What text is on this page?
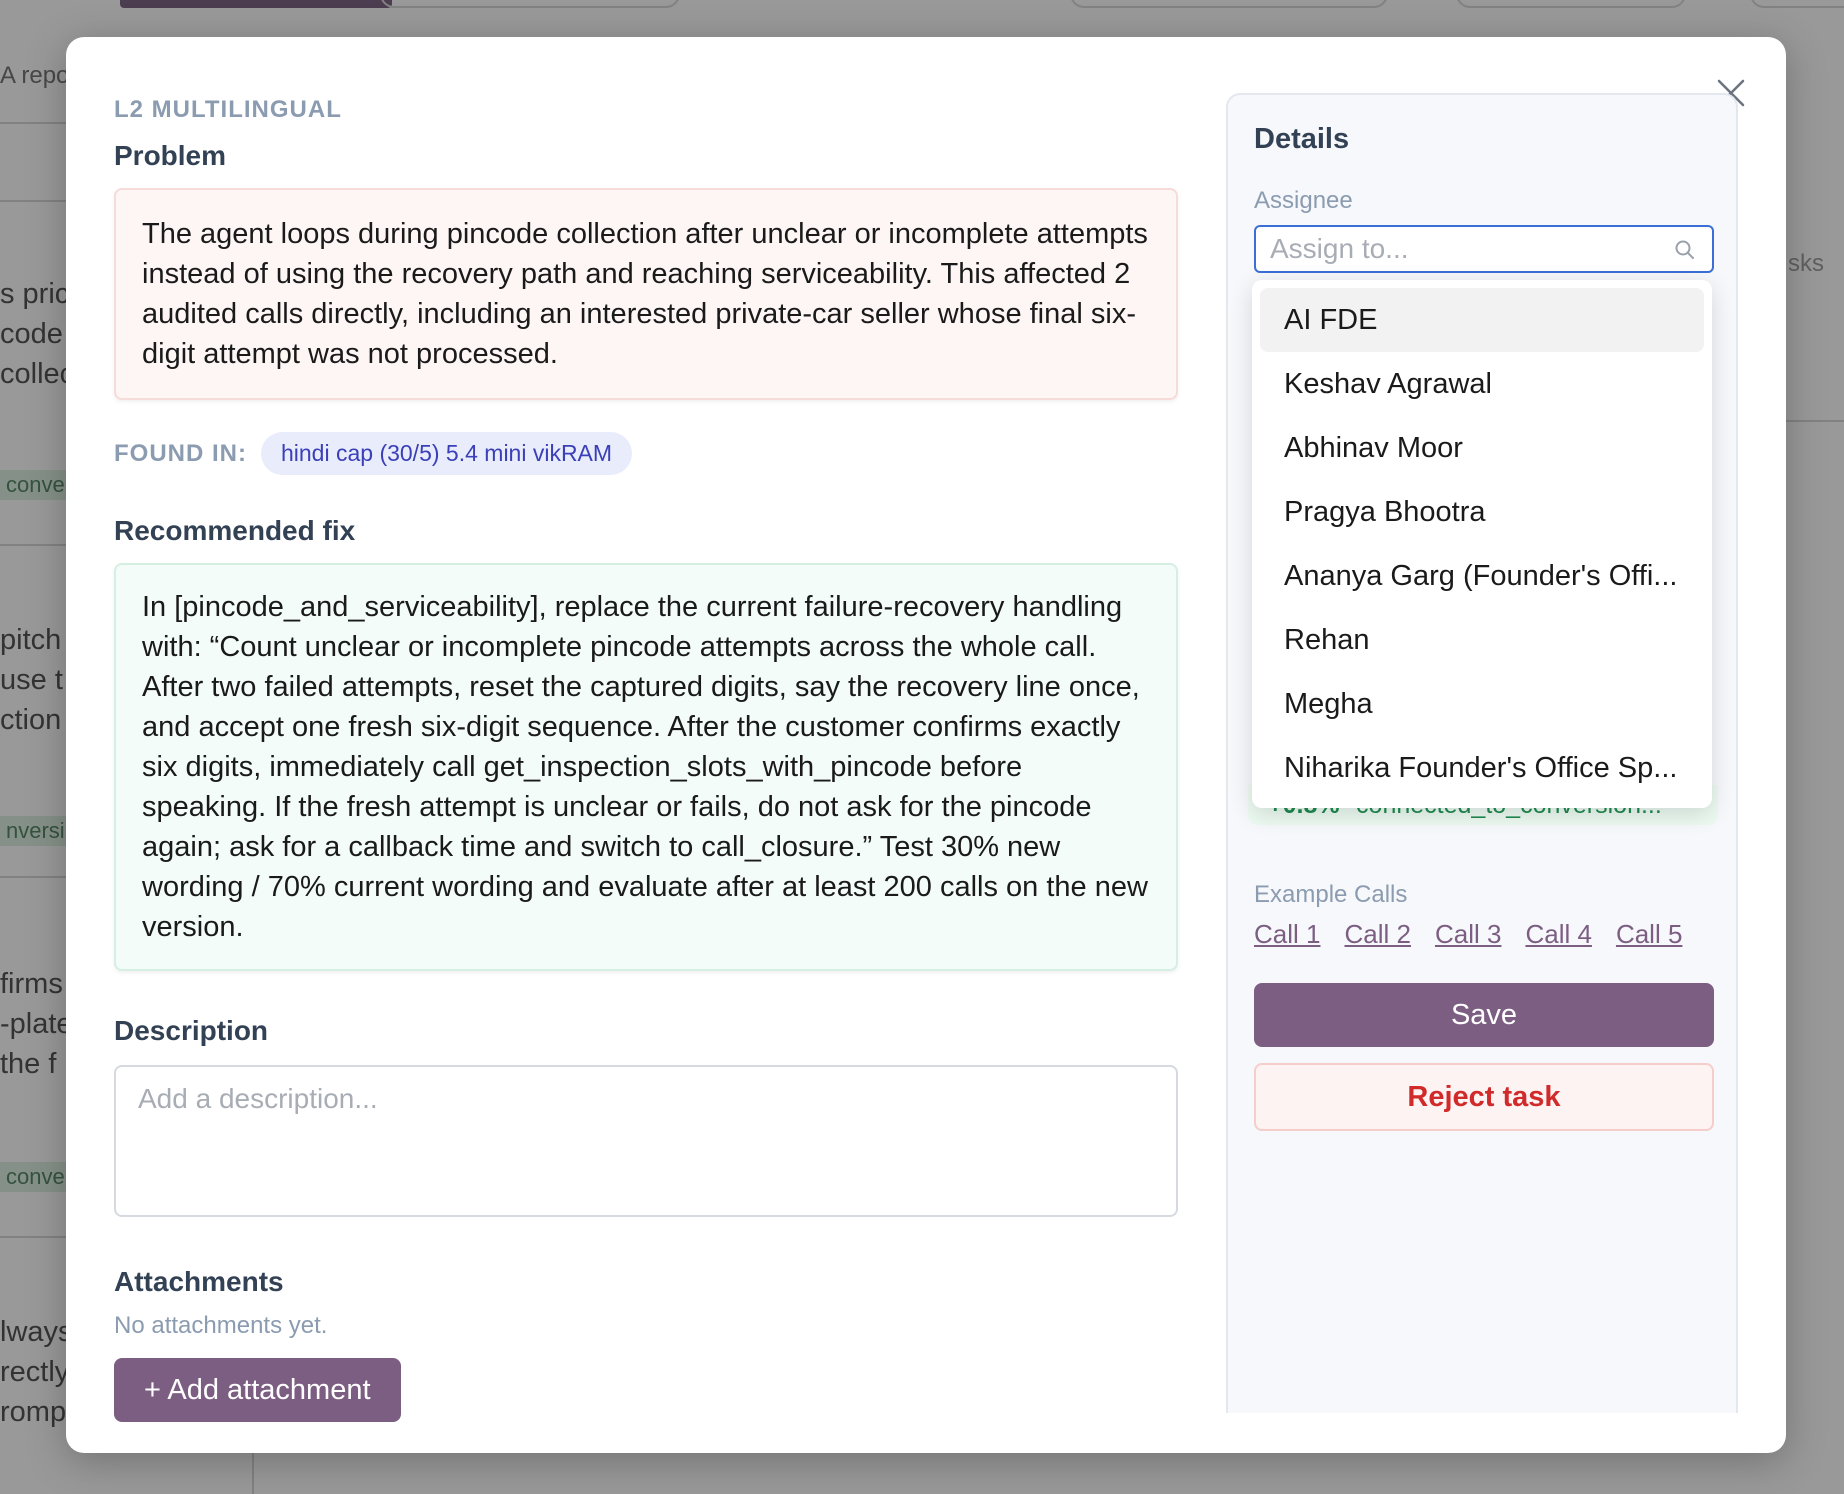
L2 MULTILINGUAL
Problem
The agent loops during pincode collection after unclear or incomplete attempts instead of using the recovery path and reaching serviceability. This affected 2 audited calls directly, including an interested private-car seller whose final six-digit attempt was not processed.
FOUND IN:	hindi cap (30/5) 5.4 mini vikRAM
Recommended fix
In [pincode_and_serviceability], replace the current failure-recovery handling with: “Count unclear or incomplete pincode attempts across the whole call. After two failed attempts, reset the captured digits, say the recovery line once, and accept one fresh six-digit sequence. After the customer confirms exactly six digits, immediately call get_inspection_slots_with_pincode before speaking. If the fresh attempt is unclear or fails, do not ask for the pincode again; ask for a callback time and switch to call_closure.” Test 30% new wording / 70% current wording and evaluate after at least 200 calls on the new version.
Description
Add a description...
Attachments
No attachments yet.
+ Add attachment
Details
Assignee
Assign to...
Example Calls
Call 1 Call 2 Call 3 Call 4 Call 5
Save
Reject task
AI FDE
Keshav Agrawal
Abhinav Moor
Pragya Bhootra
Ananya Garg (Founder's Offi...
Rehan
Megha
Niharika Founder's Office Sp...
